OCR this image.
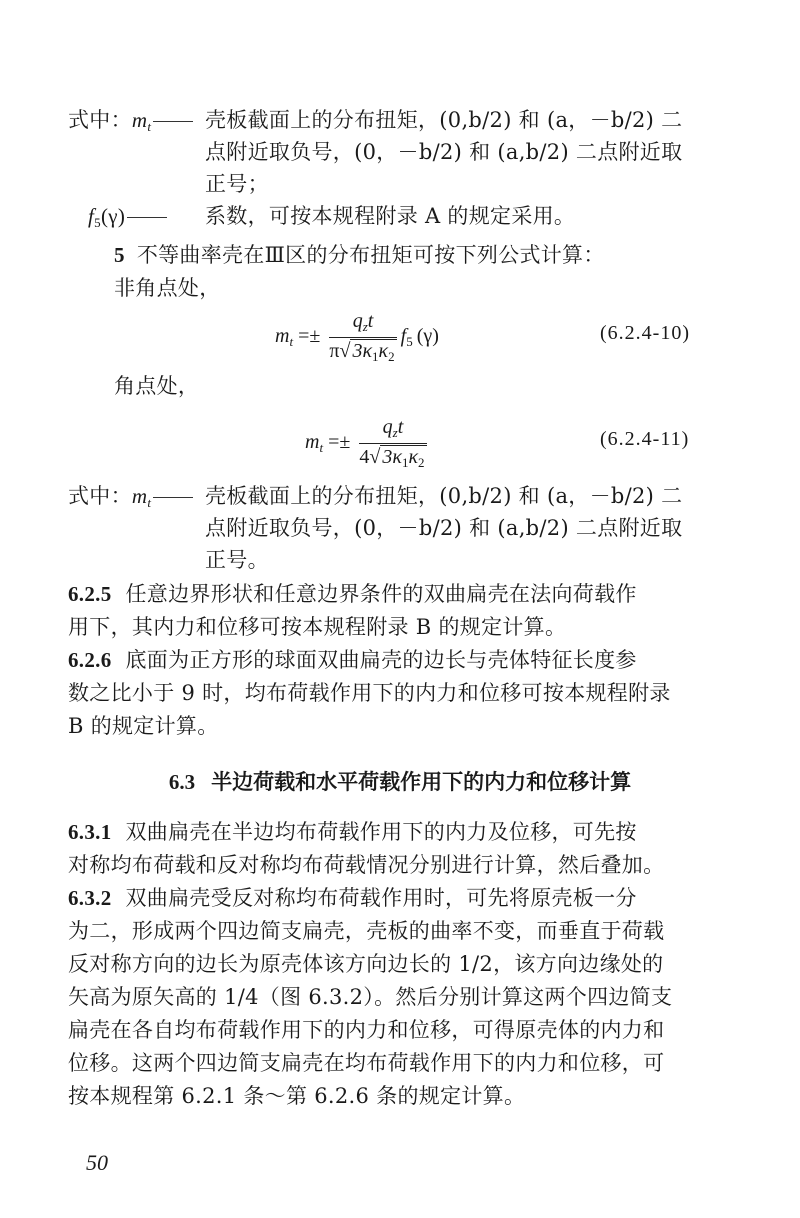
式中：$m_t$	壳板截面上的分布扭矩，(0,b/2) 和 (a，－b/2) 二
点附近取负号，(0，－b/2) 和 (a,b/2) 二点附近取
正号；
$f_5(\gamma)$	系数，可按本规程附录 A 的规定采用。
5 不等曲率壳在Ⅲ区的分布扭矩可按下列公式计算：
非角点处，
$m_t =\pm \frac{q_zt}{\pi√ 3\kappa_1\kappa_2} f_5$ (γ)	(6.2.4-10)
角点处，
$m_t =\pm \frac{q_zt}{4√ 3\kappa_1\kappa_2}$	(6.2.4-11)
式中：$m_t$	壳板截面上的分布扭矩，(0,b/2) 和 (a，－b/2) 二
点附近取负号，(0，－b/2) 和 (a,b/2) 二点附近取
正号。
6.2.5 任意边界形状和任意边界条件的双曲扁壳在法向荷载作
用下，其内力和位移可按本规程附录 B 的规定计算。
6.2.6 底面为正方形的球面双曲扁壳的边长与壳体特征长度参
数之比小于 9 时，均布荷载作用下的内力和位移可按本规程附录
B 的规定计算。
6.3 半边荷载和水平荷载作用下的内力和位移计算
6.3.1 双曲扁壳在半边均布荷载作用下的内力及位移，可先按
对称均布荷载和反对称均布荷载情况分别进行计算，然后叠加。
6.3.2 双曲扁壳受反对称均布荷载作用时，可先将原壳板一分
为二，形成两个四边简支扁壳，壳板的曲率不变，而垂直于荷载
反对称方向的边长为原壳体该方向边长的 1/2，该方向边缘处的
矢高为原矢高的 1/4（图 6.3.2）。然后分别计算这两个四边简支
扁壳在各自均布荷载作用下的内力和位移，可得原壳体的内力和
位移。这两个四边简支扁壳在均布荷载作用下的内力和位移，可
按本规程第 6.2.1 条～第 6.2.6 条的规定计算。
50
